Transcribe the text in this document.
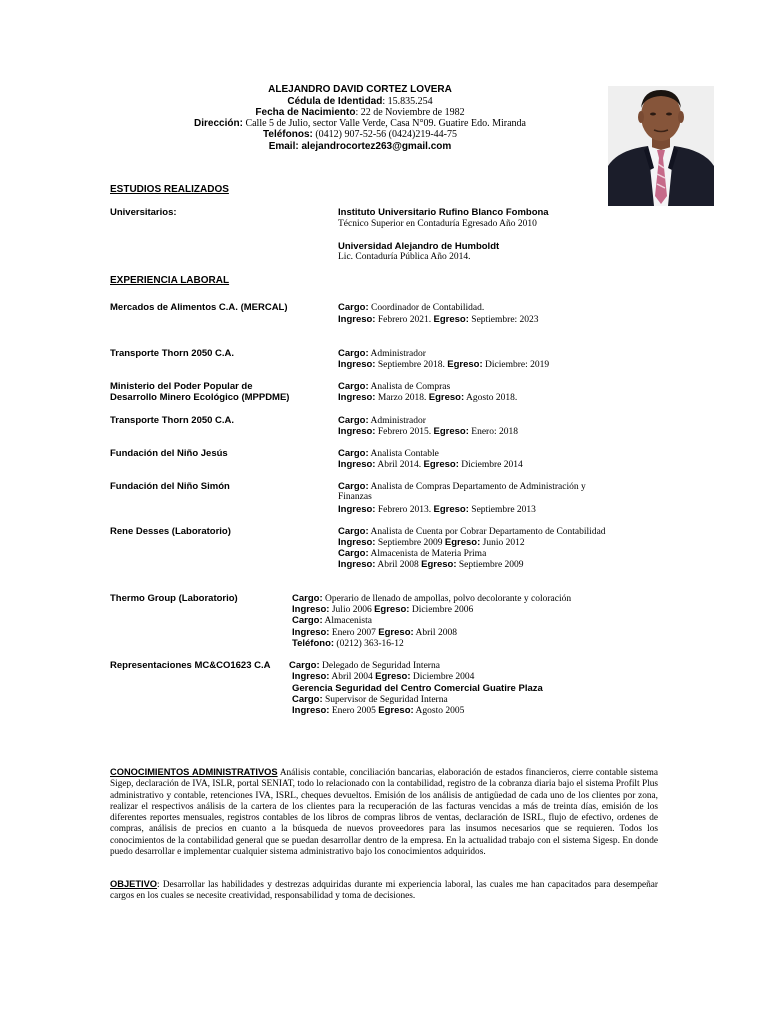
ALEJANDRO DAVID CORTEZ LOVERA
Cédula de Identidad: 15.835.254
Fecha de Nacimiento: 22 de Noviembre de 1982
Dirección: Calle 5 de Julio, sector Valle Verde, Casa N°09. Guatire Edo. Miranda
Teléfonos: (0412) 907-52-56 (0424)219-44-75
Email: alejandrocortez263@gmail.com
ESTUDIOS REALIZADOS
Universitarios:	Instituto Universitario Rufino Blanco Fombona
Técnico Superior en Contaduría Egresado Año 2010
Universidad Alejandro de Humboldt
Lic. Contaduría Pública Año 2014.
EXPERIENCIA LABORAL
Mercados de Alimentos C.A. (MERCAL)	Cargo: Coordinador de Contabilidad.
Ingreso: Febrero 2021. Egreso: Septiembre: 2023
Transporte Thorn 2050 C.A.	Cargo: Administrador
Ingreso: Septiembre 2018. Egreso: Diciembre: 2019
Ministerio del Poder Popular de
Desarrollo Minero Ecológico (MPPDME)
Cargo: Analista de Compras
Ingreso: Marzo 2018. Egreso: Agosto 2018.
Transporte Thorn 2050 C.A.	Cargo: Administrador
Ingreso: Febrero 2015. Egreso: Enero: 2018
Fundación del Niño Jesús	Cargo: Analista Contable
Ingreso: Abril 2014. Egreso: Diciembre 2014
Fundación del Niño Simón	Cargo: Analista de Compras Departamento de Administración y
Finanzas
Ingreso: Febrero 2013. Egreso: Septiembre 2013
Rene Desses (Laboratorio)	Cargo: Analista de Cuenta por Cobrar Departamento de Contabilidad
Ingreso: Septiembre 2009 Egreso: Junio 2012
Cargo: Almacenista de Materia Prima
Ingreso: Abril 2008 Egreso: Septiembre 2009
Thermo Group (Laboratorio)	Cargo: Operario de llenado de ampollas, polvo decolorante y coloración
Ingreso: Julio 2006 Egreso: Diciembre 2006
Cargo: Almacenista
Ingreso: Enero 2007 Egreso: Abril 2008
Teléfono: (0212) 363-16-12
Representaciones MC&CO1623 C.A Cargo: Delegado de Seguridad Interna
Ingreso: Abril 2004 Egreso: Diciembre 2004
Gerencia Seguridad del Centro Comercial Guatire Plaza
Cargo: Supervisor de Seguridad Interna
Ingreso: Enero 2005 Egreso: Agosto 2005
CONOCIMIENTOS ADMINISTRATIVOS Análisis contable, conciliación bancarias, elaboración de estados financieros, cierre contable sistema Sigep, declaración de IVA, ISLR, portal SENIAT, todo lo relacionado con la contabilidad, registro de la cobranza diaria bajo el sistema Profilt Plus administrativo y contable, retenciones IVA, ISRL, cheques devueltos. Emisión de los análisis de antigüedad de cada uno de los clientes por zona, realizar el respectivos análisis de la cartera de los clientes para la recuperación de las facturas vencidas a más de treinta días, emisión de los diferentes reportes mensuales, registros contables de los libros de compras libros de ventas, declaración de ISRL, flujo de efectivo, ordenes de compras, análisis de precios en cuanto a la búsqueda de nuevos proveedores para las insumos necesarios que se requieren. Todos los conocimientos de la contabilidad general que se puedan desarrollar dentro de la empresa. En la actualidad trabajo con el sistema Sigesp. En donde puedo desarrollar e implementar cualquier sistema administrativo bajo los conocimientos adquiridos.
OBJETIVO: Desarrollar las habilidades y destrezas adquiridas durante mi experiencia laboral, las cuales me han capacitados para desempeñar cargos en los cuales se necesite creatividad, responsabilidad y toma de decisiones.
